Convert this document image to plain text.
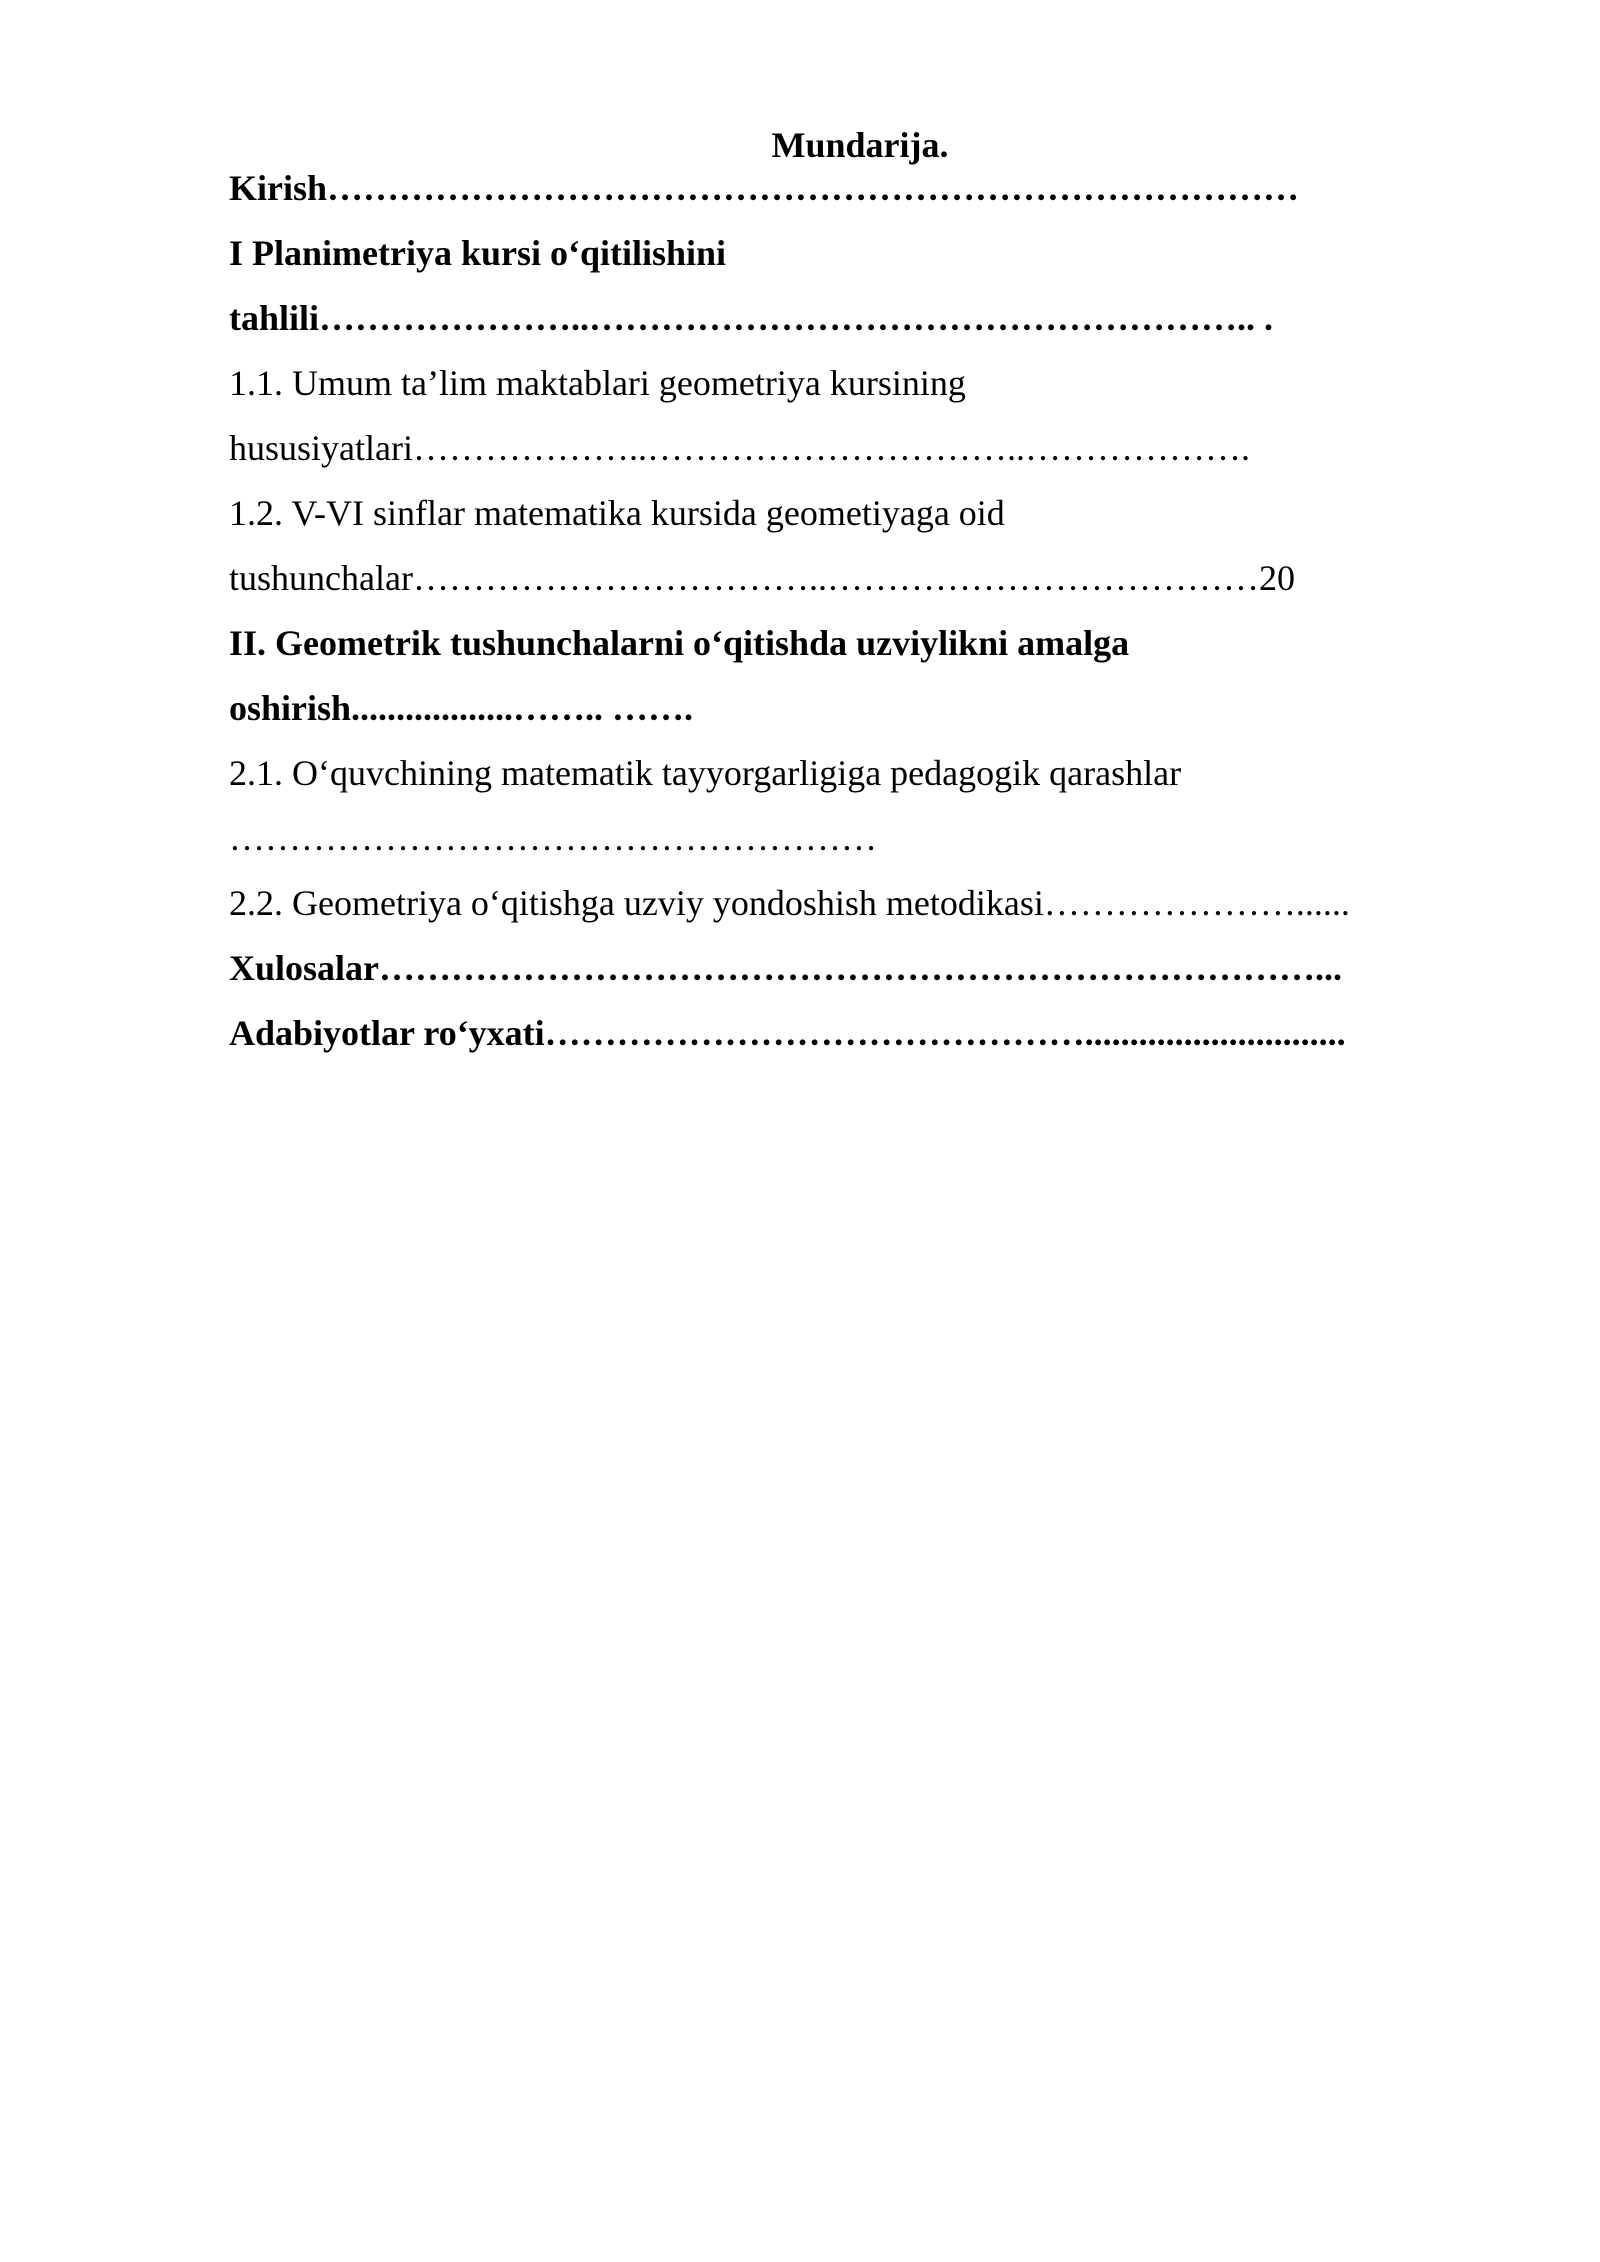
Mundarija.
Kirish………………………………………………………………………
I Planimetriya kursi o‘qitilishini
tahlili…………………..……………………………………………….. .
1.1. Umum ta’lim maktablari geometriya kursining
hususiyatlari………………..…………………………..……………….
1.2. V-VI sinflar matematika kursida geometiyaga oid
tushunchalar……………………………..………………………………20
II. Geometrik tushunchalarni o‘qitishda uzviylikni amalga
oshirish..................…….. …….
2.1. O‘quvchining matematik tayyorgarligiga pedagogik qarashlar
………………………………………………
2.2. Geometriya o‘qitishga uzviy yondoshish metodikasi…………………......
Xulosalar……………………………………………………………………...
Adabiyotlar ro‘yxati……………………………………….............................
